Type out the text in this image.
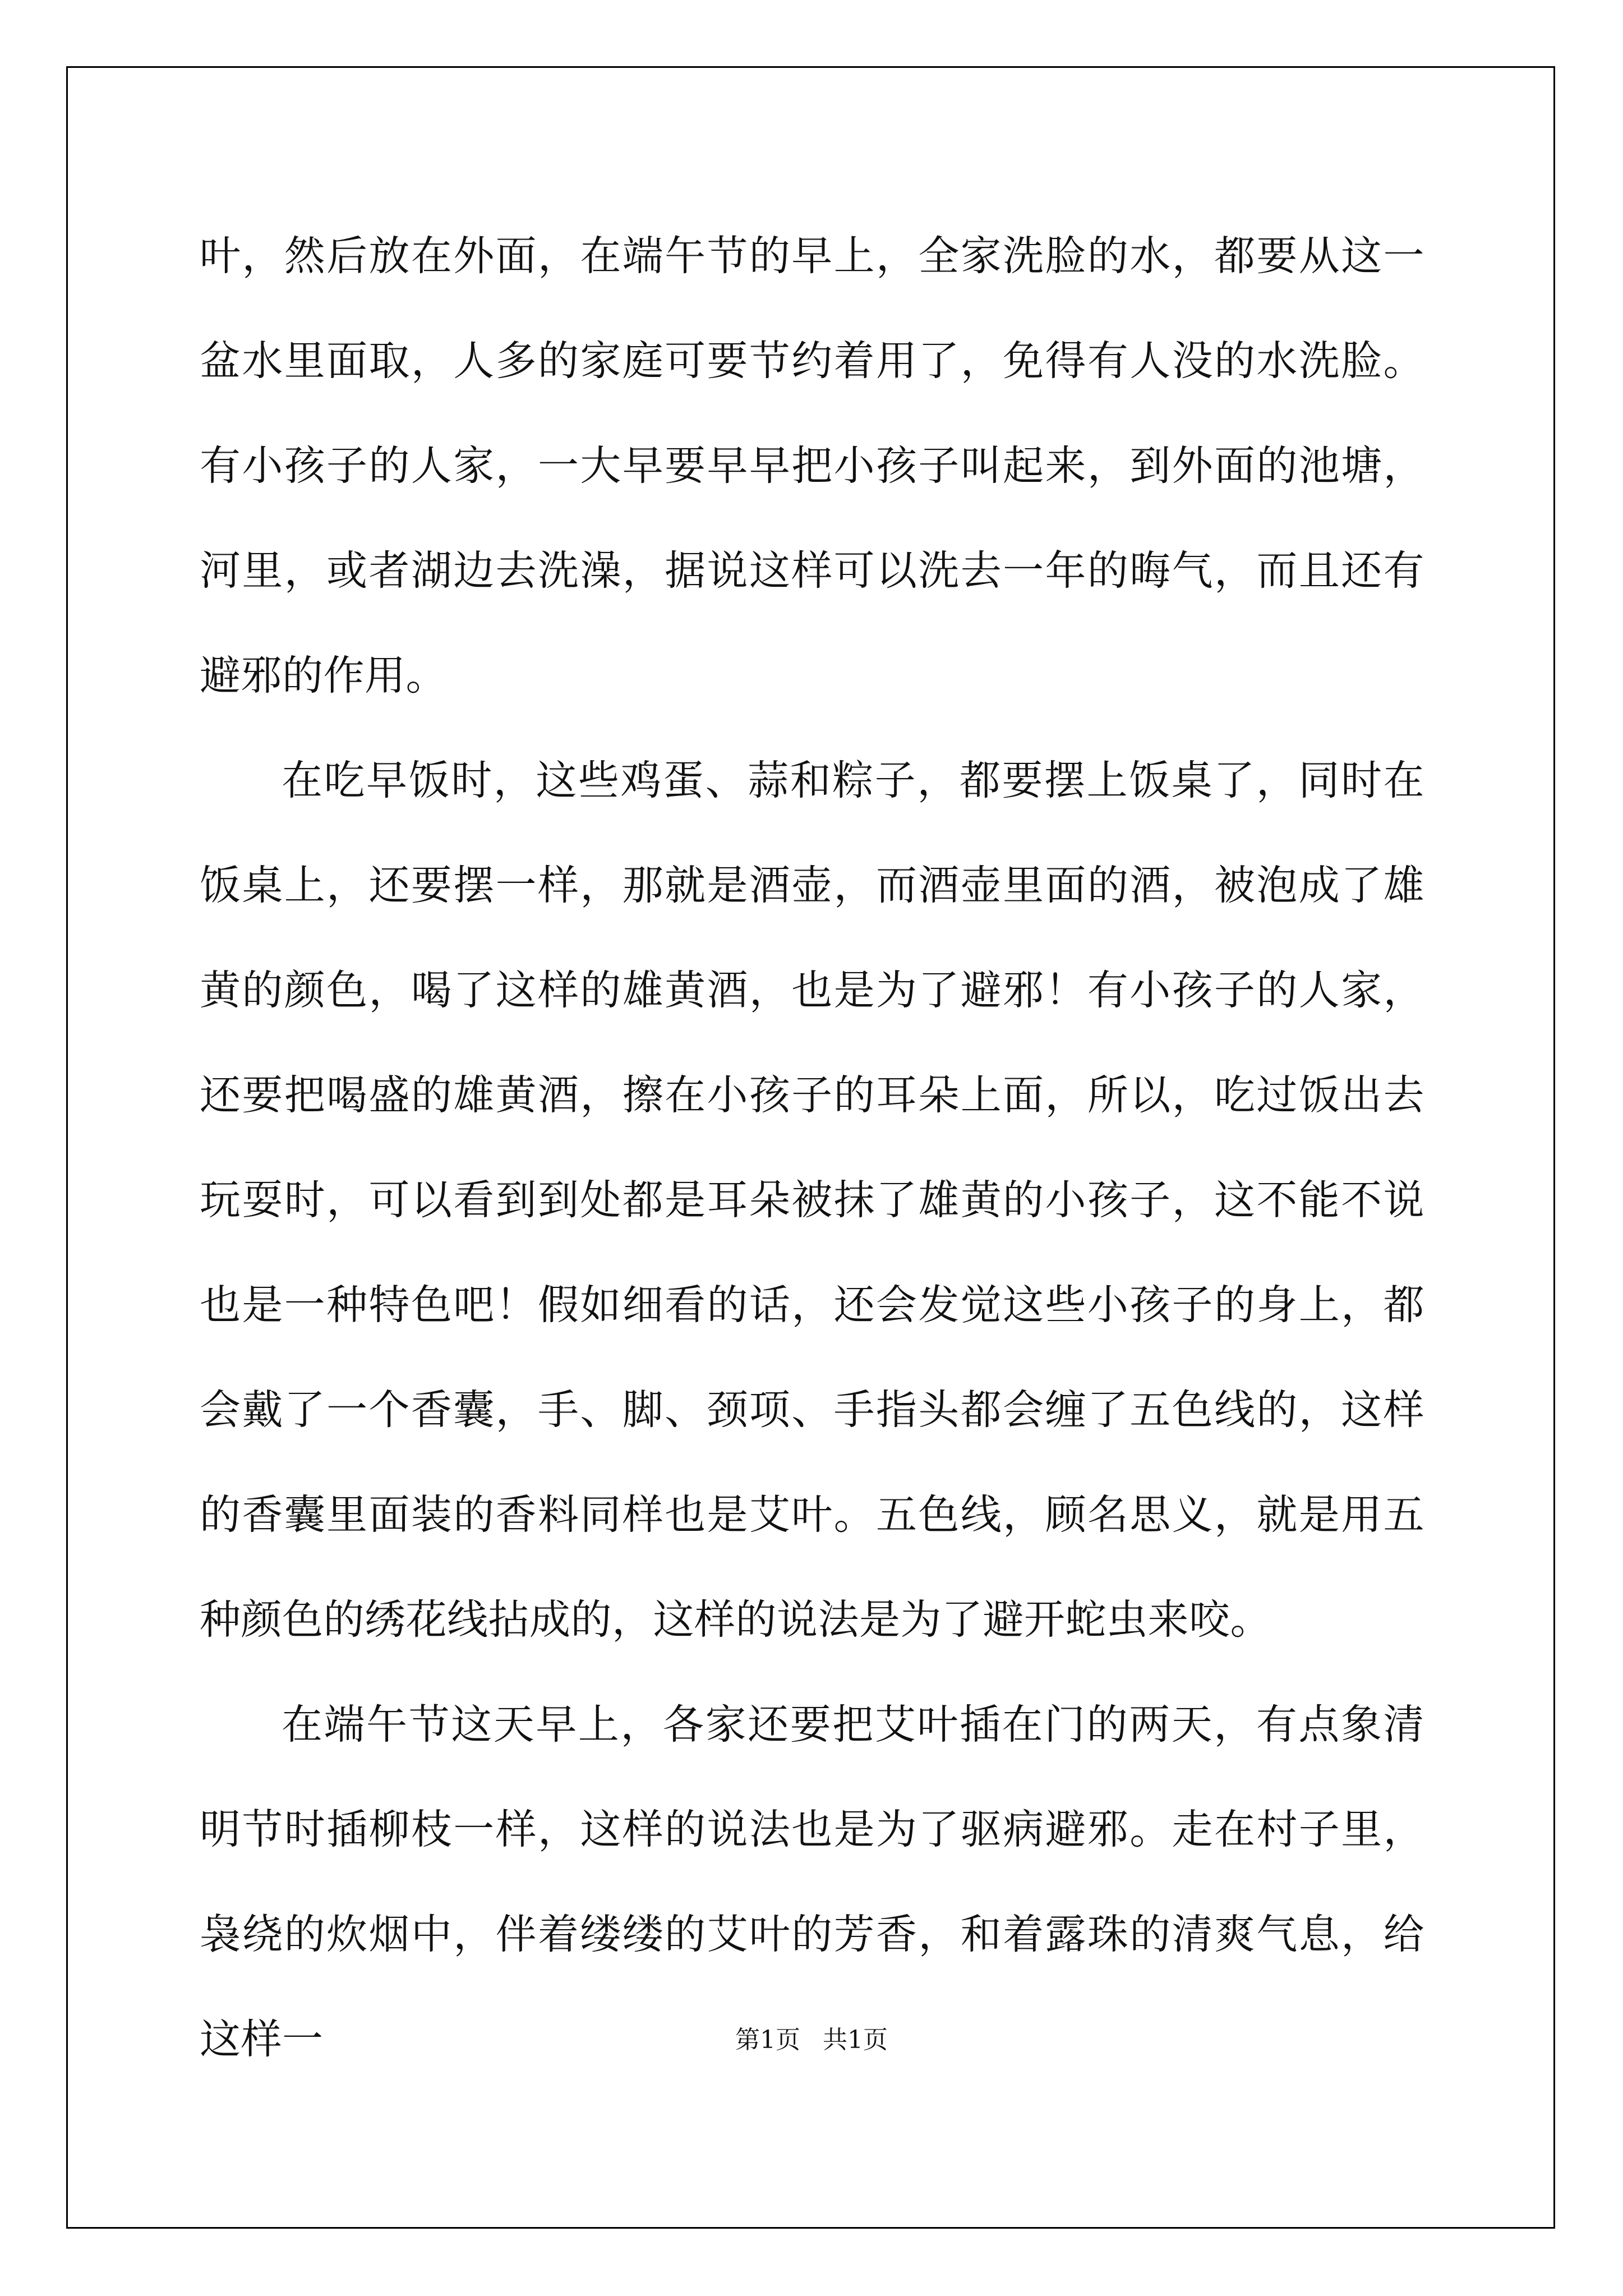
叶，然后放在外面，在端午节的早上，全家洗脸的水，都要从这一盆水里面取，人多的家庭可要节约着用了，免得有人没的水洗脸。有小孩子的人家，一大早要早早把小孩子叫起来，到外面的池塘，河里，或者湖边去洗澡，据说这样可以洗去一年的晦气，而且还有避邪的作用。

在吃早饭时，这些鸡蛋、蒜和粽子，都要摆上饭桌了，同时在饭桌上，还要摆一样，那就是酒壶，而酒壶里面的酒，被泡成了雄黄的颜色，喝了这样的雄黄酒，也是为了避邪！有小孩子的人家，还要把喝盛的雄黄酒，擦在小孩子的耳朵上面，所以，吃过饭出去玩耍时，可以看到到处都是耳朵被抹了雄黄的小孩子，这不能不说也是一种特色吧！假如细看的话，还会发觉这些小孩子的身上，都会戴了一个香囊，手、脚、颈项、手指头都会缠了五色线的，这样的香囊里面装的香料同样也是艾叶。五色线，顾名思义，就是用五种颜色的绣花线拈成的，这样的说法是为了避开蛇虫来咬。

在端午节这天早上，各家还要把艾叶插在门的两天，有点象清明节时插柳枝一样，这样的说法也是为了驱病避邪。走在村子里，袅绕的炊烟中，伴着缕缕的艾叶的芳香，和着露珠的清爽气息，给这样一	第1页 共1页
